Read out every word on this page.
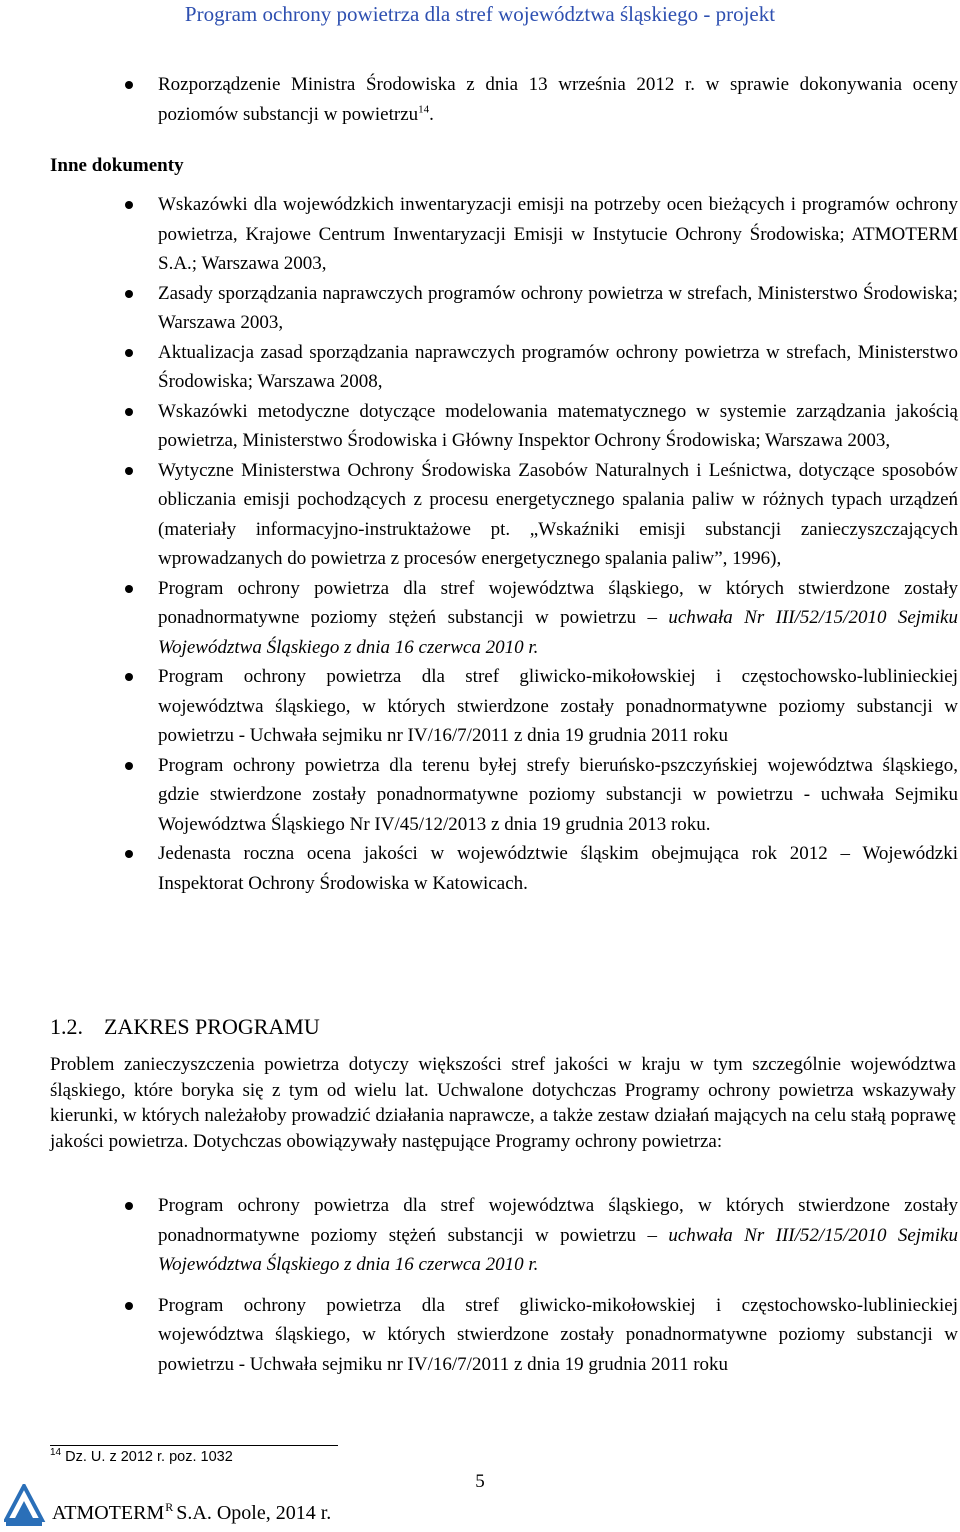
Program ochrony powietrza dla stref województwa śląskiego - projekt
Rozporządzenie Ministra Środowiska z dnia 13 września 2012 r. w sprawie dokonywania oceny poziomów substancji w powietrzu$^{14}$.
Inne dokumenty
Wskazówki dla wojewódzkich inwentaryzacji emisji na potrzeby ocen bieżących i programów ochrony powietrza, Krajowe Centrum Inwentaryzacji Emisji w Instytucie Ochrony Środowiska; ATMOTERM S.A.; Warszawa 2003,
Zasady sporządzania naprawczych programów ochrony powietrza w strefach, Ministerstwo Środowiska; Warszawa 2003,
Aktualizacja zasad sporządzania naprawczych programów ochrony powietrza w strefach, Ministerstwo Środowiska; Warszawa 2008,
Wskazówki metodyczne dotyczące modelowania matematycznego w systemie zarządzania jakością powietrza, Ministerstwo Środowiska i Główny Inspektor Ochrony Środowiska; Warszawa 2003,
Wytyczne Ministerstwa Ochrony Środowiska Zasobów Naturalnych i Leśnictwa, dotyczące sposobów obliczania emisji pochodzących z procesu energetycznego spalania paliw w różnych typach urządzeń (materiały informacyjno-instruktażowe pt. „Wskaźniki emisji substancji zanieczyszczających wprowadzanych do powietrza z procesów energetycznego spalania paliw”, 1996),
Program ochrony powietrza dla stref województwa śląskiego, w których stwierdzone zostały ponadnormatywne poziomy stężeń substancji w powietrzu – uchwała Nr III/52/15/2010 Sejmiku Województwa Śląskiego z dnia 16 czerwca 2010 r.
Program ochrony powietrza dla stref gliwicko-mikołowskiej i częstochowsko-lublinieckiej województwa śląskiego, w których stwierdzone zostały ponadnormatywne poziomy substancji w powietrzu - Uchwała sejmiku nr IV/16/7/2011 z dnia 19 grudnia 2011 roku
Program ochrony powietrza dla terenu byłej strefy bieruńsko-pszczyńskiej województwa śląskiego, gdzie stwierdzone zostały ponadnormatywne poziomy substancji w powietrzu - uchwała Sejmiku Województwa Śląskiego Nr IV/45/12/2013 z dnia 19 grudnia 2013 roku.
Jedenasta roczna ocena jakości w województwie śląskim obejmująca rok 2012 – Wojewódzki Inspektorat Ochrony Środowiska w Katowicach.
1.2. ZAKRES PROGRAMU

Problem zanieczyszczenia powietrza dotyczy większości stref jakości w kraju w tym szczególnie województwa śląskiego, które boryka się z tym od wielu lat. Uchwalone dotychczas Programy ochrony powietrza wskazywały kierunki, w których należałoby prowadzić działania naprawcze, a także zestaw działań mających na celu stałą poprawę jakości powietrza. Dotychczas obowiązywały następujące Programy ochrony powietrza:

Program ochrony powietrza dla stref województwa śląskiego, w których stwierdzone zostały ponadnormatywne poziomy stężeń substancji w powietrzu – uchwała Nr III/52/15/2010 Sejmiku Województwa Śląskiego z dnia 16 czerwca 2010 r.
Program ochrony powietrza dla stref gliwicko-mikołowskiej i częstochowsko-lublinieckiej województwa śląskiego, w których stwierdzone zostały ponadnormatywne poziomy substancji w powietrzu - Uchwała sejmiku nr IV/16/7/2011 z dnia 19 grudnia 2011 roku

$^{14}$ Dz. U. z 2012 r. poz. 1032

5
$ATMOTERM^R$ S.A. Opole, 2014 r.
